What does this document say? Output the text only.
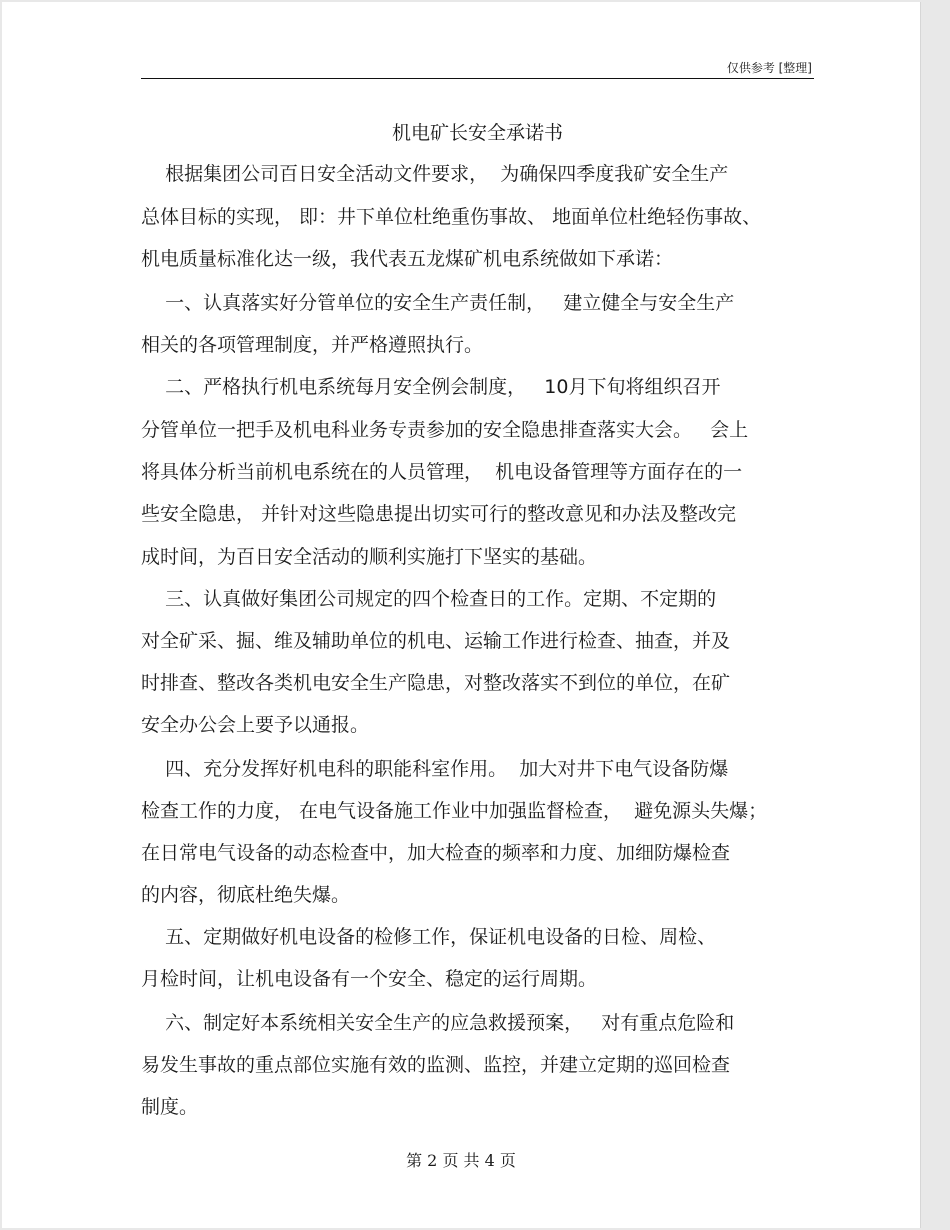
仅供参考 [整理]
机电矿长安全承诺书
根据集团公司百日安全活动文件要求，  为确保四季度我矿安全生产
总体目标的实现， 即：井下单位杜绝重伤事故、 地面单位杜绝轻伤事故、
机电质量标准化达一级，我代表五龙煤矿机电系统做如下承诺：
一、认真落实好分管单位的安全生产责任制，   建立健全与安全生产
相关的各项管理制度，并严格遵照执行。
二、严格执行机电系统每月安全例会制度，   10月下旬将组织召开
分管单位一把手及机电科业务专责参加的安全隐患排查落实大会。   会上
将具体分析当前机电系统在的人员管理，  机电设备管理等方面存在的一
些安全隐患， 并针对这些隐患提出切实可行的整改意见和办法及整改完
成时间，为百日安全活动的顺利实施打下坚实的基础。
三、认真做好集团公司规定的四个检查日的工作。定期、不定期的
对全矿采、掘、维及辅助单位的机电、运输工作进行检查、抽查，并及
时排查、整改各类机电安全生产隐患，对整改落实不到位的单位，在矿
安全办公会上要予以通报。
四、充分发挥好机电科的职能科室作用。  加大对井下电气设备防爆
检查工作的力度， 在电气设备施工作业中加强监督检查，  避免源头失爆；
在日常电气设备的动态检查中，加大检查的频率和力度、加细防爆检查
的内容，彻底杜绝失爆。
五、定期做好机电设备的检修工作，保证机电设备的日检、周检、
月检时间，让机电设备有一个安全、稳定的运行周期。
六、制定好本系统相关安全生产的应急救援预案，   对有重点危险和
易发生事故的重点部位实施有效的监测、监控，并建立定期的巡回检查
制度。
第 2 页 共 4 页
